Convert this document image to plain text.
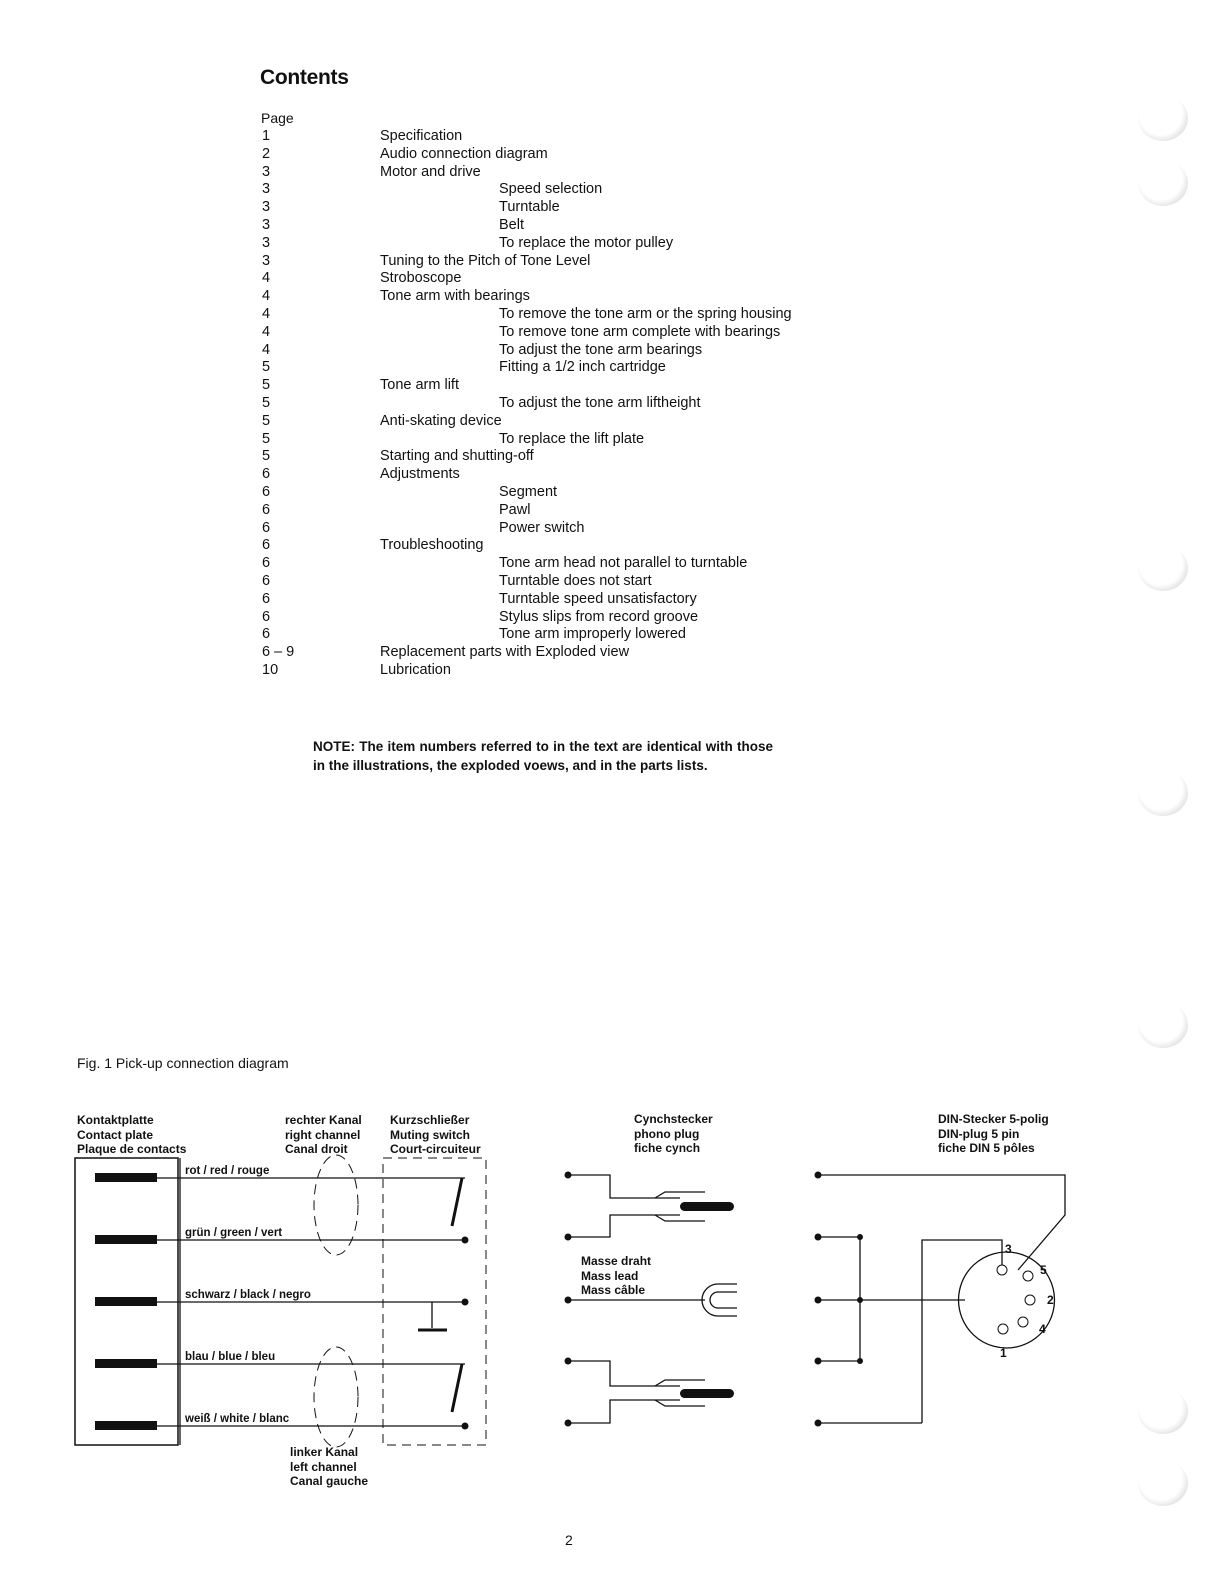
Contents
Page
1	Specification
2	Audio connection diagram
3	Motor and drive
3	Speed selection
3	Turntable
3	Belt
3	To replace the motor pulley
3	Tuning to the Pitch of Tone Level
4	Stroboscope
4	Tone arm with bearings
4	To remove the tone arm or the spring housing
4	To remove tone arm complete with bearings
4	To adjust the tone arm bearings
5	Fitting a 1/2 inch cartridge
5	Tone arm lift
5	To adjust the tone arm liftheight
5	Anti-skating device
5	To replace the lift plate
5	Starting and shutting-off
6	Adjustments
6	Segment
6	Pawl
6	Power switch
6	Troubleshooting
6	Tone arm head not parallel to turntable
6	Turntable does not start
6	Turntable speed unsatisfactory
6	Stylus slips from record groove
6	Tone arm improperly lowered
6 – 9	Replacement parts with Exploded view
10	Lubrication
NOTE: The item numbers referred to in the text are identical with those in the illustrations, the exploded voews, and in the parts lists.
Fig. 1 Pick-up connection diagram
Kontaktplatte
Contact plate
Plaque de contacts
rechter Kanal
right channel
Canal droit
Kurzschließer
Muting switch
Court-circuiteur
Cynchstecker
phono plug
fiche cynch
DIN-Stecker 5-polig
DIN-plug 5 pin
fiche DIN 5 pôles
rot / red / rouge
grün / green / vert
schwarz / black / negro
blau / blue / bleu
weiß / white / blanc
linker Kanal
left channel
Canal gauche
Masse draht
Mass lead
Mass câble
3
5
2
4
1
2
